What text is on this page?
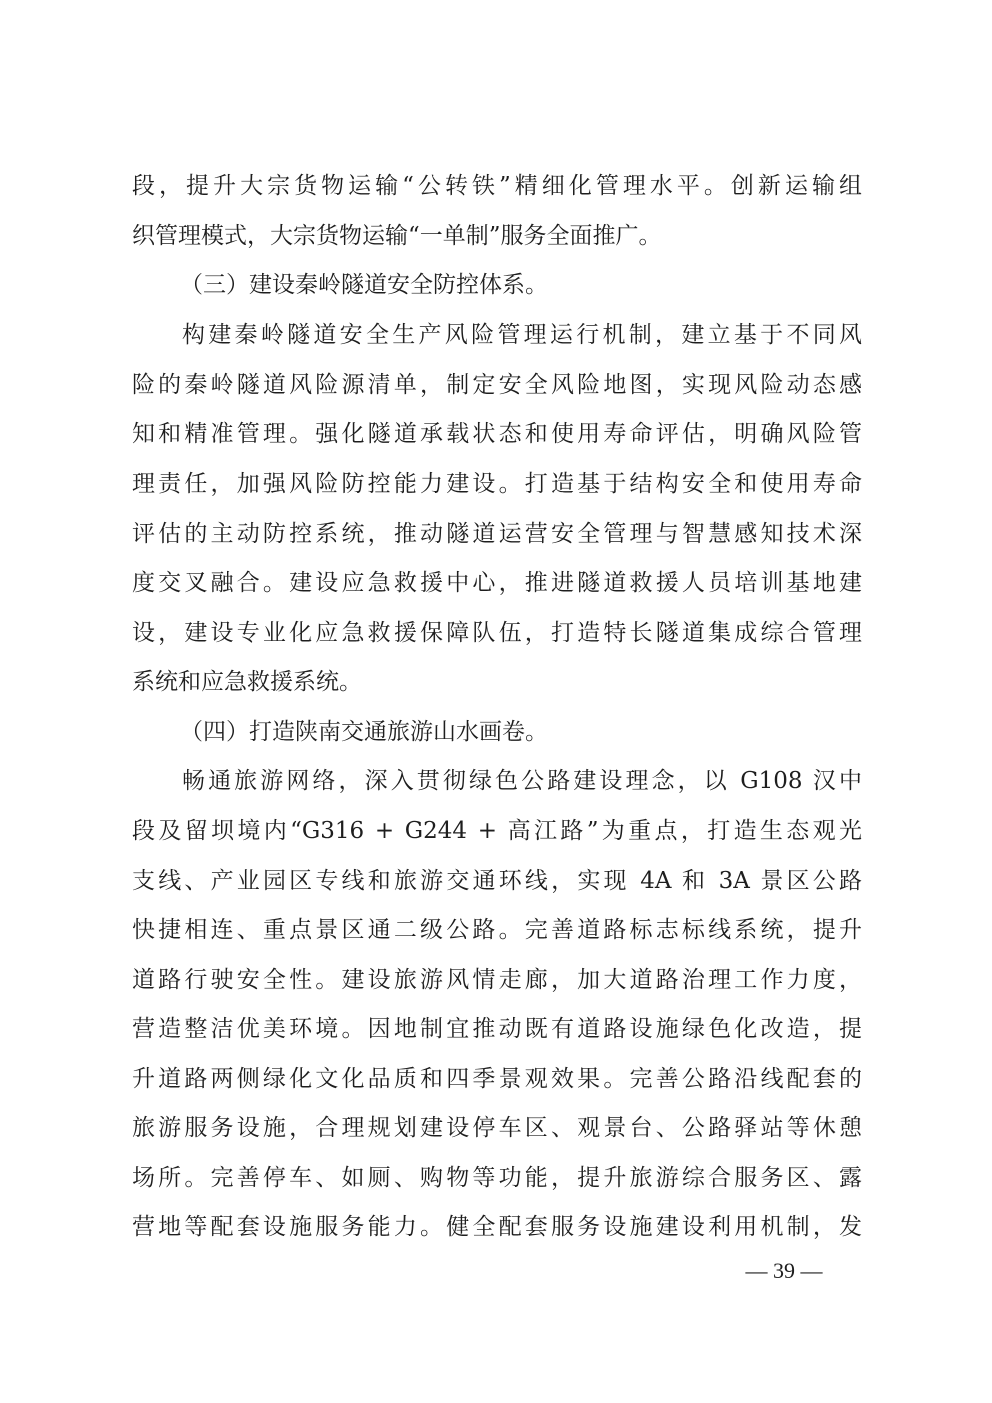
段，提升大宗货物运输“公转铁”精细化管理水平。创新运输组
织管理模式，大宗货物运输“一单制”服务全面推广。
（三）建设秦岭隧道安全防控体系。
构建秦岭隧道安全生产风险管理运行机制，建立基于不同风
险的秦岭隧道风险源清单，制定安全风险地图，实现风险动态感
知和精准管理。强化隧道承载状态和使用寿命评估，明确风险管
理责任，加强风险防控能力建设。打造基于结构安全和使用寿命
评估的主动防控系统，推动隧道运营安全管理与智慧感知技术深
度交叉融合。建设应急救援中心，推进隧道救援人员培训基地建
设，建设专业化应急救援保障队伍，打造特长隧道集成综合管理
系统和应急救援系统。
（四）打造陕南交通旅游山水画卷。
畅通旅游网络，深入贯彻绿色公路建设理念，以 G108 汉中
段及留坝境内“G316 + G244 + 高江路”为重点，打造生态观光
支线、产业园区专线和旅游交通环线，实现 4A 和 3A 景区公路
快捷相连、重点景区通二级公路。完善道路标志标线系统，提升
道路行驶安全性。建设旅游风情走廊，加大道路治理工作力度，
营造整洁优美环境。因地制宜推动既有道路设施绿色化改造，提
升道路两侧绿化文化品质和四季景观效果。完善公路沿线配套的
旅游服务设施，合理规划建设停车区、观景台、公路驿站等休憩
场所。完善停车、如厕、购物等功能，提升旅游综合服务区、露
营地等配套设施服务能力。健全配套服务设施建设利用机制，发
— 39 —
